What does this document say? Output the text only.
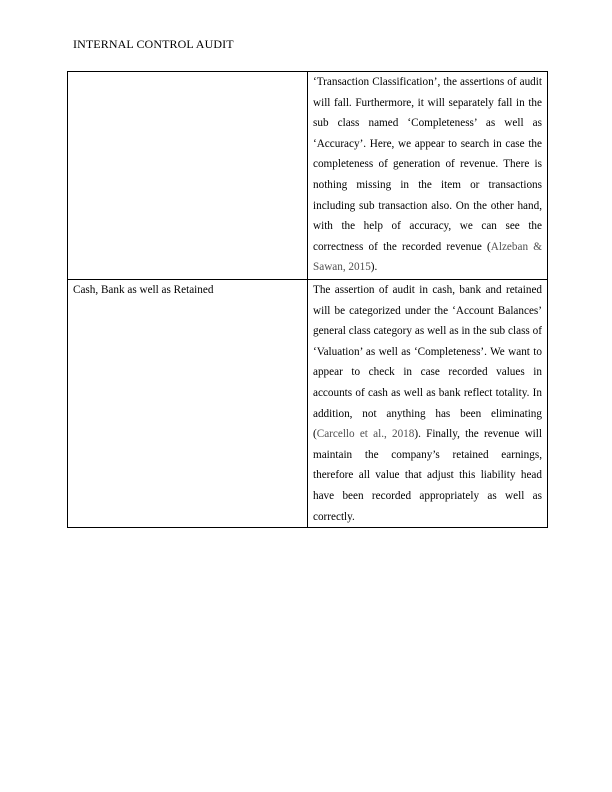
INTERNAL CONTROL AUDIT

	‘Transaction Classification’, the assertions of audit will fall. Furthermore, it will separately fall in the sub class named ‘Completeness’ as well as ‘Accuracy’. Here, we appear to search in case the completeness of generation of revenue. There is nothing missing in the item or transactions including sub transaction also. On the other hand, with the help of accuracy, we can see the correctness of the recorded revenue (Alzeban & Sawan, 2015).

Cash, Bank as well as Retained	The assertion of audit in cash, bank and retained will be categorized under the ‘Account Balances’ general class category as well as in the sub class of ‘Valuation’ as well as ‘Completeness’. We want to appear to check in case recorded values in accounts of cash as well as bank reflect totality. In addition, not anything has been eliminating (Carcello et al., 2018). Finally, the revenue will maintain the company’s retained earnings, therefore all value that adjust this liability head have been recorded appropriately as well as correctly.
